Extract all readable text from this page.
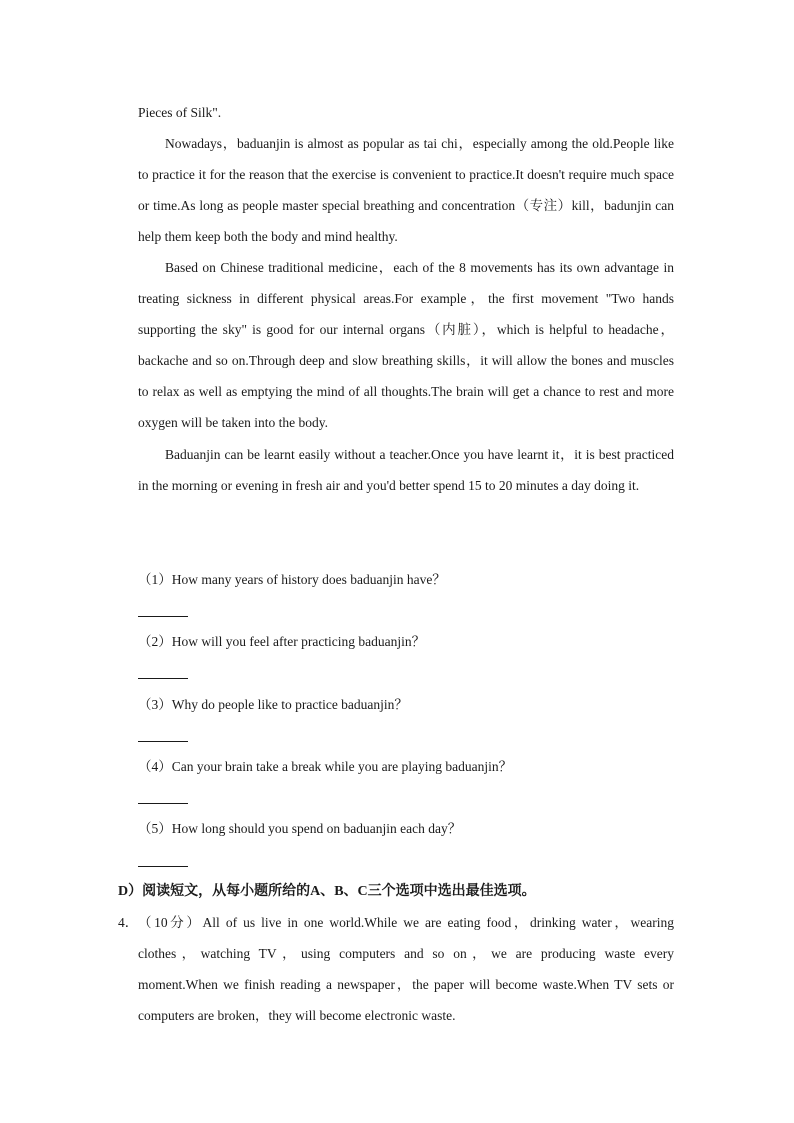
Pieces of Silk".

Nowadays，baduanjin is almost as popular as tai chi，especially among the old.People like to practice it for the reason that the exercise is convenient to practice.It doesn't require much space or time.As long as people master special breathing and concentration（专注）kill，badunjin can help them keep both the body and mind healthy.

Based on Chinese traditional medicine，each of the 8 movements has its own advantage in treating sickness in different physical areas.For example，the first movement "Two hands supporting the sky" is good for our internal organs（内脏），which is helpful to headache，backache and so on.Through deep and slow breathing skills，it will allow the bones and muscles to relax as well as emptying the mind of all thoughts.The brain will get a chance to rest and more oxygen will be taken into the body.

Baduanjin can be learnt easily without a teacher.Once you have learnt it，it is best practiced in the morning or evening in fresh air and you'd better spend 15 to 20 minutes a day doing it.

（1）How many years of history does baduanjin have？

（2）How will you feel after practicing baduanjin？

（3）Why do people like to practice baduanjin？

（4）Can your brain take a break while you are playing baduanjin？

（5）How long should you spend on baduanjin each day？

D）阅读短文，从每小题所给的A、B、C三个选项中选出最佳选项。

4． （10分）All of us live in one world.While we are eating food，drinking water，wearing clothes，watching TV，using computers and so on，we are producing waste every moment.When we finish reading a newspaper，the paper will become waste.When TV sets or computers are broken，they will become electronic waste.
